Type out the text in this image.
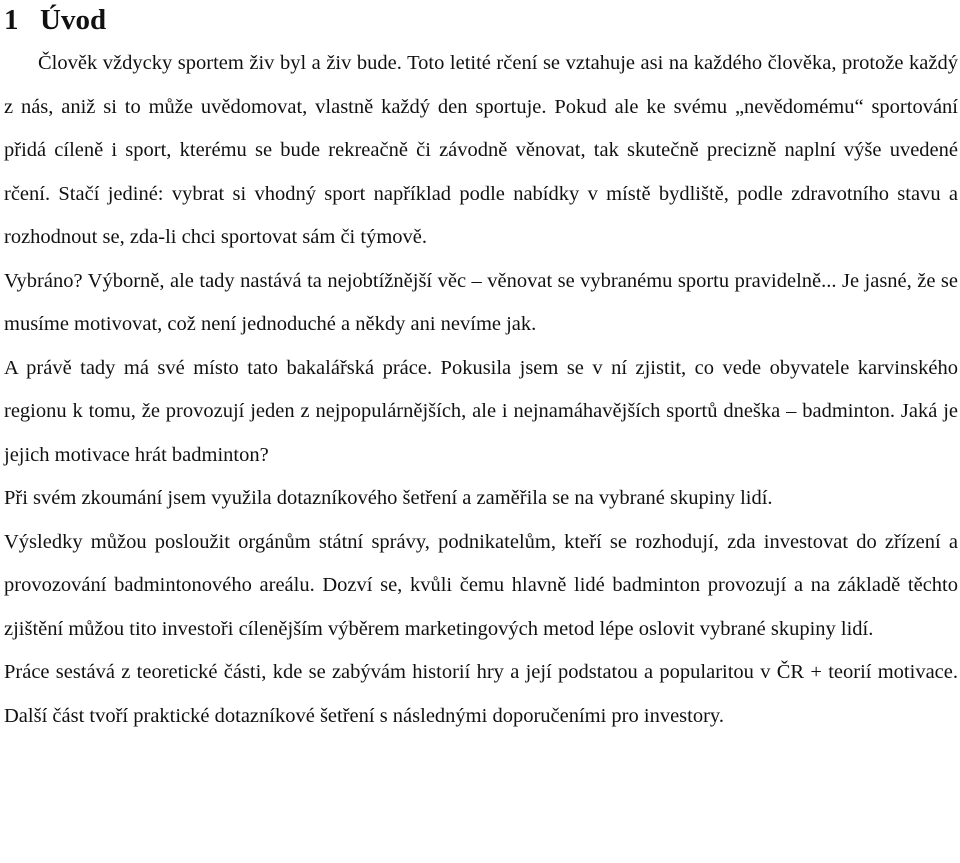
1 Úvod

Člověk vždycky sportem živ byl a živ bude. Toto letité rčení se vztahuje asi na každého člověka, protože každý z nás, aniž si to může uvědomovat, vlastně každý den sportuje. Pokud ale ke svému „nevědomému“ sportování přidá cíleně i sport, kterému se bude rekreačně či závodně věnovat, tak skutečně precizně naplní výše uvedené rčení. Stačí jediné: vybrat si vhodný sport například podle nabídky v místě bydliště, podle zdravotního stavu a rozhodnout se, zda-li chci sportovat sám či týmově.

Vybráno? Výborně, ale tady nastává ta nejobtížnější věc – věnovat se vybranému sportu pravidelně... Je jasné, že se musíme motivovat, což není jednoduché a někdy ani nevíme jak.

A právě tady má své místo tato bakalářská práce. Pokusila jsem se v ní zjistit, co vede obyvatele karvinského regionu k tomu, že provozují jeden z nejpopulárnějších, ale i nejnamáhavějších sportů dneška – badminton. Jaká je jejich motivace hrát badminton?

Při svém zkoumání jsem využila dotazníkového šetření a zaměřila se na vybrané skupiny lidí.

Výsledky můžou posloužit orgánům státní správy, podnikatelům, kteří se rozhodují, zda investovat do zřízení a provozování badmintonového areálu. Dozví se, kvůli čemu hlavně lidé badminton provozují a na základě těchto zjištění můžou tito investoři cílenějším výběrem marketingových metod lépe oslovit vybrané skupiny lidí.

Práce sestává z teoretické části, kde se zabývám historií hry a její podstatou a popularitou v ČR + teorií motivace. Další část tvoří praktické dotazníkové šetření s následnými doporučeními pro investory.
